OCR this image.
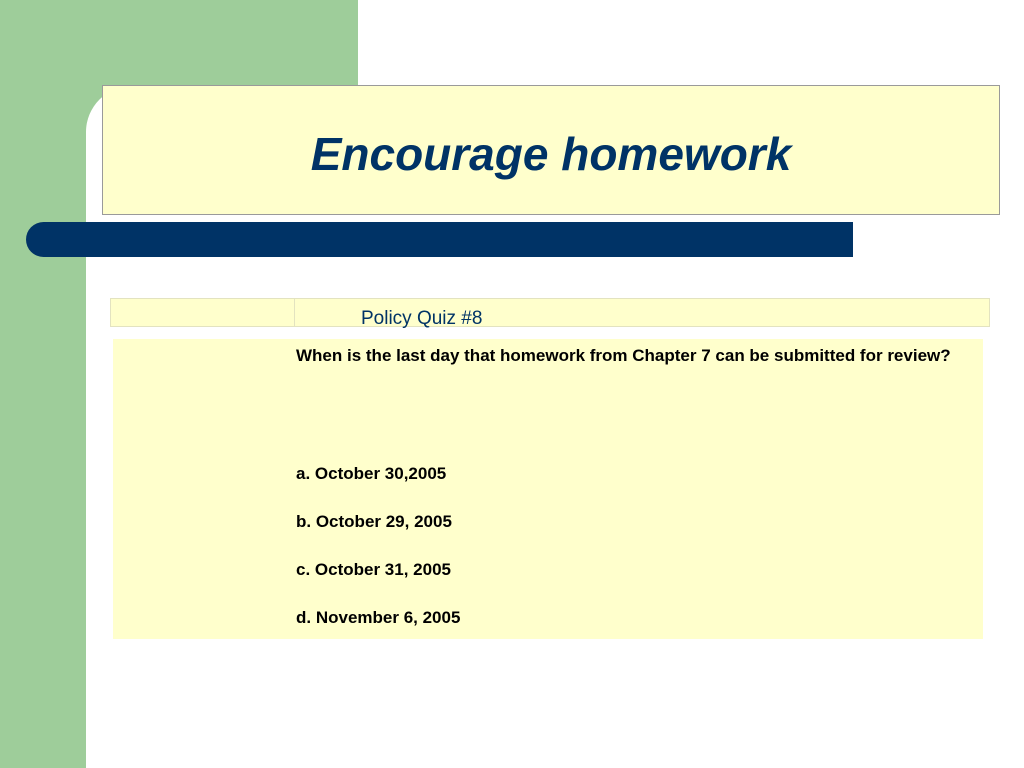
Encourage homework

Policy Quiz #8

When is the last day that homework from Chapter 7 can be submitted for review?

a. October 30,2005
b. October 29, 2005
c. October 31, 2005
d. November 6, 2005
